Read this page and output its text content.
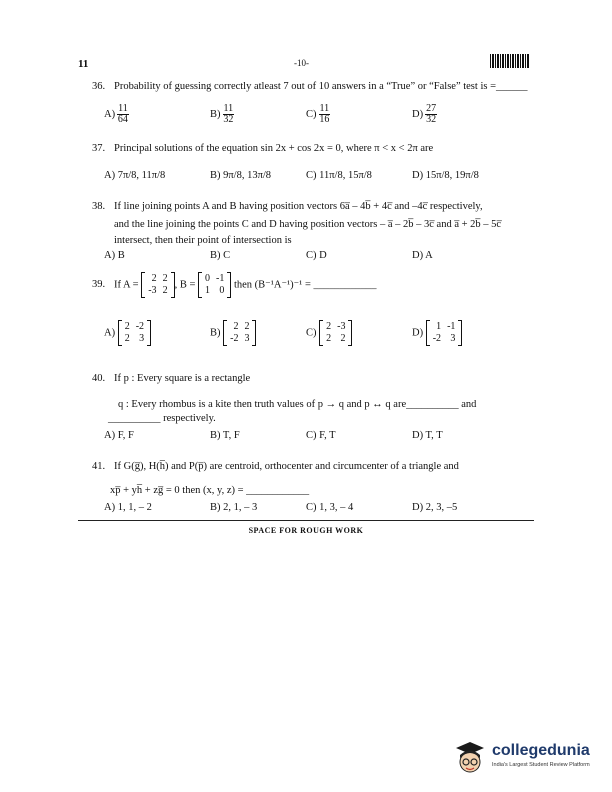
11	-10-
36. Probability of guessing correctly atleast 7 out of 10 answers in a “True” or “False” test is =______
$A) \frac{11}{64}$	$B) \frac{11}{32}$	$C) \frac{11}{16}$	$D) \frac{27}{32}$
37. Principal solutions of the equation sin 2x + cos 2x = 0, where π < x < 2π are
A) 7π/8, 11π/8	B) 9π/8, 13π/8	C) 11π/8, 15π/8	D) 15π/8, 19π/8
38. If line joining points A and B having position vectors 6a̅ – 4b̅ + 4c̅ and –4c̅ respectively,
and the line joining the points C and D having position vectors – a̅ – 2b̅ – 3c̅ and a̅ + 2b̅ – 5c̅
intersect, then their point of intersection is
A) B	B) C	C) D	D) A
39. If A =
2	2
-3	2
, B =
0	-1
1	0
then (B⁻¹A⁻¹)⁻¹ = ____________
A)
2	-2
2	3
B)
2	2
-2	3
C)
2	-3
2	2
D)
1	-1
-2	3
40. If p : Every square is a rectangle
q : Every rhombus is a kite then truth values of p → q and p ↔ q are__________ and
__________ respectively.
A) F, F	B) T, F	C) F, T	D) T, T
41. If G(g̅), H(h̅) and P(p̅) are centroid, orthocenter and circumcenter of a triangle and
xp̅ + yh̅ + zg̅ = 0 then (x, y, z) = ____________
A) 1, 1, – 2	B) 2, 1, – 3	C) 1, 3, – 4	D) 2, 3, –5
SPACE FOR ROUGH WORK
collegedunia
India's Largest Student Review Platform
